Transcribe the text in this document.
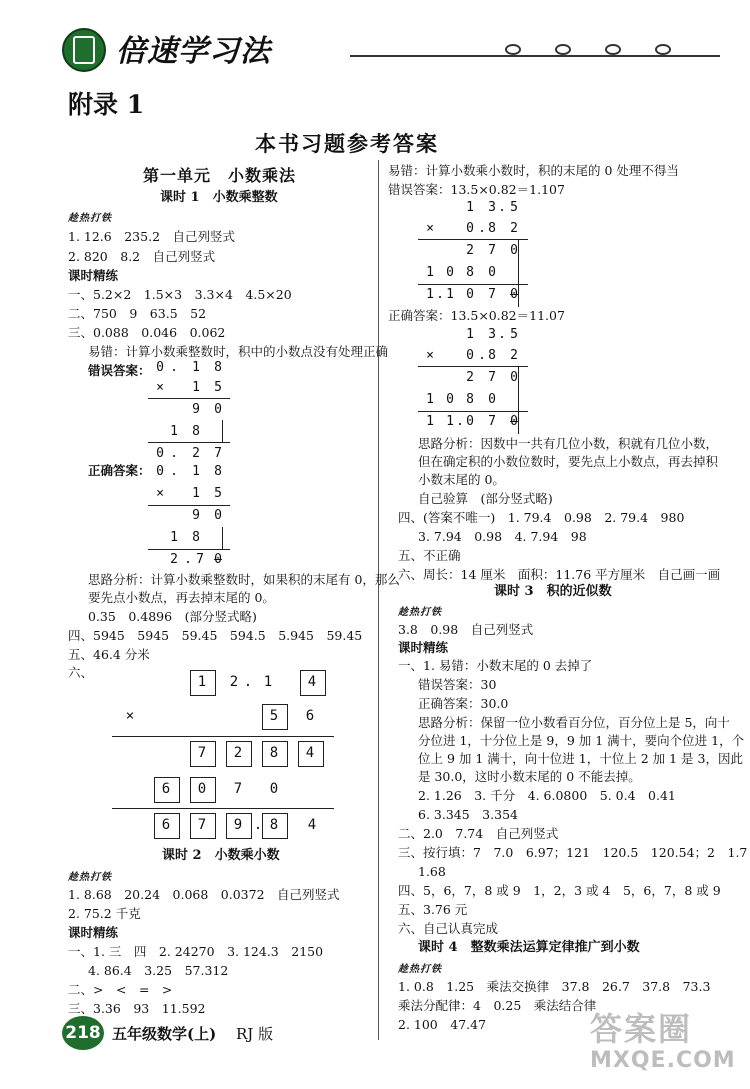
倍速学习法
附录 1
本书习题参考答案
第一单元　小数乘法
课时 1　小数乘整数
趁热打铁
1. 12.6　235.2　自己列竖式
2. 820　8.2　自己列竖式
课时精练
一、5.2×2　1.5×3　3.3×4　4.5×20
二、750　9　63.5　52
三、0.088　0.046　0.062
易错：计算小数乘整数时，积中的小数点没有处理正确
错误答案： 0 .	1	8
×	1	5
9	0
1	8
0 .	2	7
正确答案： 0 .	1	8
×	1	5
9	0
1	8
2 . 7 0
思路分析：计算小数乘整数时，如果积的末尾有 0，那么
要先点小数点，再去掉末尾的 0。
0.35　0.4896　(部分竖式略)
四、5945　5945　59.45　594.5　5.945　59.45
五、46.4 分米
六、
1	2 . 1	4
×	5	6
7	2	8	4
6	0	7	0
6	7	9 . 8	4
课时 2　小数乘小数
趁热打铁
1. 8.68　20.24　0.068　0.0372　自己列竖式
2. 75.2 千克
课时精练
一、1. 三　四　2. 24270　3. 124.3　2150
4. 86.4　3.25　57.312
二、>　<　=　>
三、3.36　93　11.592
易错：计算小数乘小数时，积的末尾的 0 处理不得当
错误答案：13.5×0.82＝1.107
1	3 . 5
×	0 . 8	2
2	7	0
1 0 8	0
1 . 1 0	7	0
正确答案：13.5×0.82＝11.07
1	3 . 5
×	0 . 8	2
2	7	0
1 0 8	0
1 1 . 0	7	0
思路分析：因数中一共有几位小数，积就有几位小数，
但在确定积的小数位数时，要先点上小数点，再去掉积
小数末尾的 0。
自己验算　(部分竖式略)
四、(答案不唯一)　1. 79.4　0.98　2. 79.4　980
3. 7.94　0.98　4. 7.94　98
五、不正确
六、周长：14 厘米　面积：11.76 平方厘米　自己画一画
课时 3　积的近似数
趁热打铁
3.8　0.98　自己列竖式
课时精练
一、1. 易错：小数末尾的 0 去掉了
错误答案：30
正确答案：30.0
思路分析：保留一位小数看百分位，百分位上是 5，向十
分位进 1，十分位上是 9，9 加 1 满十，要向个位进 1，个
位上 9 加 1 满十，向十位进 1，十位上 2 加 1 是 3，因此
是 30.0，这时小数末尾的 0 不能去掉。
2. 1.26　3. 千分　4. 6.0800　5. 0.4　0.41
6. 3.345　3.354
二、2.0　7.74　自己列竖式
三、按行填：7　7.0　6.97；121　120.5　120.54；2　1.7
1.68
四、5，6，7，8 或 9　1，2，3 或 4　5，6，7，8 或 9
五、3.76 元
六、自己认真完成
课时 4　整数乘法运算定律推广到小数
趁热打铁
1. 0.8　1.25　乘法交换律　37.8　26.7　37.8　73.3
乘法分配律：4　0.25　乘法结合律
2. 100　47.47
218 五年级数学(上) RJ 版	答案圈
MXQE.COM
